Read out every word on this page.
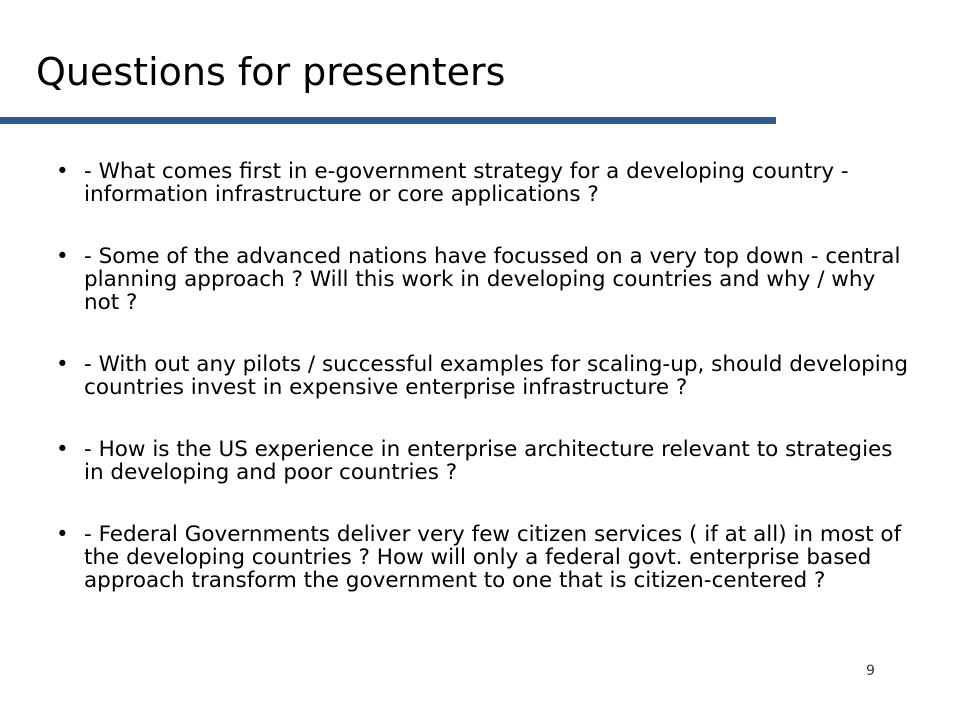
Questions for presenters
• - What comes first in e-government strategy for a developing country - information infrastructure or core applications ?
• - Some of the advanced nations have focussed on a very top down - central planning approach ? Will this work in developing countries and why / why not ?
• - With out any pilots / successful examples for scaling-up, should developing countries invest in expensive enterprise infrastructure ?
• - How is the US experience in enterprise architecture relevant to strategies in developing and poor countries ?
• - Federal Governments deliver very few citizen services ( if at all) in most of the developing countries ? How will only a federal govt. enterprise based approach transform the government to one that is citizen-centered ?
9
